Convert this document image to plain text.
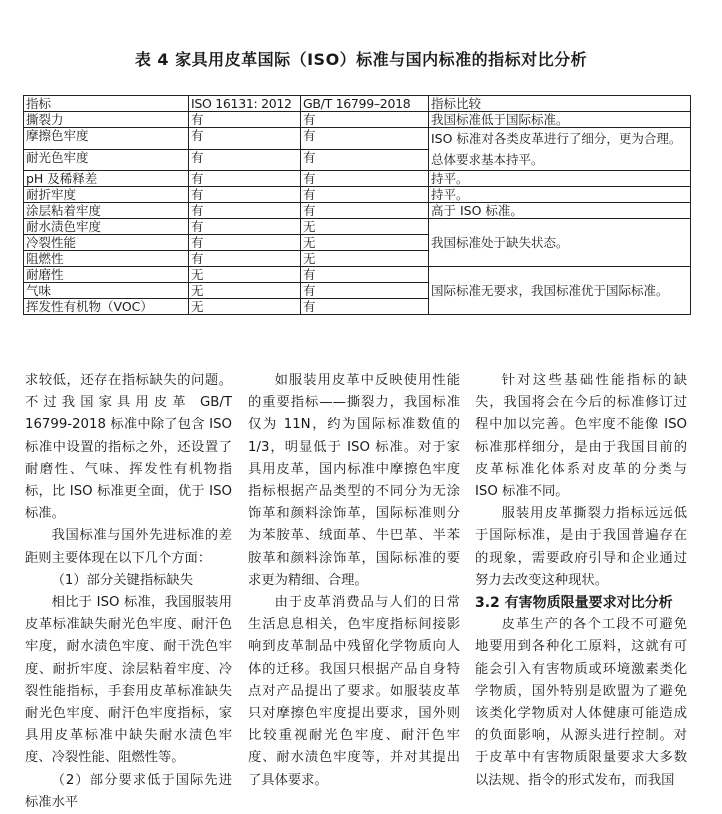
表 4 家具用皮革国际（ISO）标准与国内标准的指标对比分析
指标	ISO 16131: 2012	GB/T 16799–2018	指标比较
撕裂力	有	有	我国标准低于国际标准。
摩擦色牢度	有	有	ISO 标准对各类皮革进行了细分，更为合理。总体要求基本持平。
耐光色牢度	有	有	
pH 及稀释差	有	有	持平。
耐折牢度	有	有	持平。
涂层粘着牢度	有	有	高于 ISO 标准。
耐水渍色牢度	有	无	我国标准处于缺失状态。
冷裂性能	有	无	
阻燃性	有	无	
耐磨性	无	有	国际标准无要求，我国标准优于国际标准。
气味	无	有	
挥发性有机物（VOC）	无	有	

求较低，还存在指标缺失的问题。不过我国家具用皮革 GB/T 16799-2018 标准中除了包含 ISO 标准中设置的指标之外，还设置了耐磨性、气味、挥发性有机物指标，比 ISO 标准更全面，优于 ISO 标准。

我国标准与国外先进标准的差距则主要体现在以下几个方面：

（1）部分关键指标缺失

相比于 ISO 标准，我国服装用皮革标准缺失耐光色牢度、耐汗色牢度，耐水渍色牢度、耐干洗色牢度、耐折牢度、涂层粘着牢度、冷裂性能指标，手套用皮革标准缺失耐光色牢度、耐汗色牢度指标，家具用皮革标准中缺失耐水渍色牢度、冷裂性能、阻燃性等。

（2）部分要求低于国际先进标准水平

如服装用皮革中反映使用性能的重要指标——撕裂力，我国标准仅为 11N，约为国际标准数值的 1/3，明显低于 ISO 标准。对于家具用皮革，国内标准中摩擦色牢度指标根据产品类型的不同分为无涂饰革和颜料涂饰革，国际标准则分为苯胺革、绒面革、牛巴革、半苯胺革和颜料涂饰革，国际标准的要求更为精细、合理。

由于皮革消费品与人们的日常生活息息相关，色牢度指标间接影响到皮革制品中残留化学物质向人体的迁移。我国只根据产品自身特点对产品提出了要求。如服装皮革只对摩擦色牢度提出要求，国外则比较重视耐光色牢度、耐汗色牢度、耐水渍色牢度等，并对其提出了具体要求。

针对这些基础性能指标的缺失，我国将会在今后的标准修订过程中加以完善。色牢度不能像 ISO 标准那样细分，是由于我国目前的皮革标准化体系对皮革的分类与 ISO 标准不同。

服装用皮革撕裂力指标远远低于国际标准，是由于我国普遍存在的现象，需要政府引导和企业通过努力去改变这种现状。

3.2 有害物质限量要求对比分析

皮革生产的各个工段不可避免地要用到各种化工原料，这就有可能会引入有害物质或环境激素类化学物质，国外特别是欧盟为了避免该类化学物质对人体健康可能造成的负面影响，从源头进行控制。对于皮革中有害物质限量要求大多数以法规、指令的形式发布，而我国
